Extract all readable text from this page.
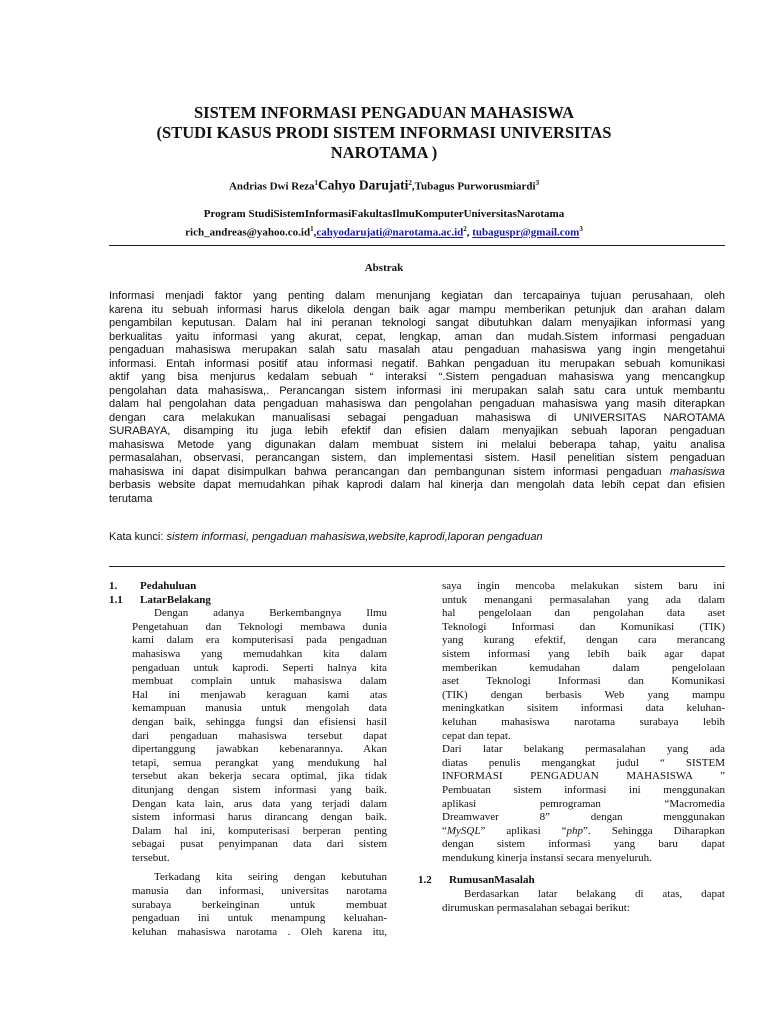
SISTEM INFORMASI PENGADUAN MAHASISWA
(STUDI KASUS PRODI SISTEM INFORMASI UNIVERSITAS
NAROTAMA )
Andrias Dwi Reza$^1$Cahyo Darujati$^2$,Tubagus Purworusmiardi$^3$
Program StudiSistemInformasiFakultasIlmuKomputerUniversitasNarotama
$rich\_andreas@yahoo.co.id^1,cahyodarujati@narotama.ac.id^2$, tubaguspr@gmail.com$^3$
Abstrak
Informasi menjadi faktor yang penting dalam menunjang kegiatan dan tercapainya tujuan perusahaan, oleh
karena itu sebuah informasi harus dikelola dengan baik agar mampu memberikan petunjuk dan arahan dalam
pengambilan keputusan. Dalam hal ini peranan teknologi sangat dibutuhkan dalam menyajikan informasi yang
berkualitas yaitu informasi yang akurat, cepat, lengkap, aman dan mudah.Sistem informasi pengaduan
pengaduan mahasiswa merupakan salah satu masalah atau pengaduan mahasiswa yang ingin mengetahui
informasi. Entah informasi positif atau informasi negatif. Bahkan pengaduan itu merupakan sebuah komunikasi
aktif yang bisa menjurus kedalam sebuah “ interaksi “.Sistem pengaduan mahasiswa yang mencangkup
pengolahan data mahasiswa,. Perancangan sistem informasi ini merupakan salah satu cara untuk membantu
dalam hal pengolahan data pengaduan mahasiswa dan pengolahan pengaduan mahasiswa yang masih diterapkan
dengan cara melakukan manualisasi sebagai pengaduan mahasiswa di UNIVERSITAS NAROTAMA
SURABAYA, disamping itu juga lebih efektif dan efisien dalam menyajikan sebuah laporan pengaduan
mahasiswa Metode yang digunakan dalam membuat sistem ini melalui beberapa tahap, yaitu analisa
permasalahan, observasi, perancangan sistem, dan implementasi sistem. Hasil penelitian sistem pengaduan
mahasiswa ini dapat disimpulkan bahwa perancangan dan pembangunan sistem informasi pengaduan mahasiswa
berbasis website dapat memudahkan pihak kaprodi dalam hal kinerja dan mengolah data lebih cepat dan efisien
terutama
Kata kunci: sistem informasi, pengaduan mahasiswa,website,kaprodi,laporan pengaduan
1. Pedahuluan
1.1 LatarBelakang
Dengan adanya Berkembangnya Ilmu
Pengetahuan dan Teknologi membawa dunia
kami dalam era komputerisasi pada pengaduan
mahasiswa yang memudahkan kita dalam
pengaduan untuk kaprodi. Seperti halnya kita
membuat complain untuk mahasiswa dalam
Hal ini menjawab keraguan kami atas
kemampuan manusia untuk mengolah data
dengan baik, sehingga fungsi dan efisiensi hasil
dari pengaduan mahasiswa tersebut dapat
dipertanggung jawabkan kebenarannya. Akan
tetapi, semua perangkat yang mendukung hal
tersebut akan bekerja secara optimal, jika tidak
ditunjang dengan sistem informasi yang baik.
Dengan kata lain, arus data yang terjadi dalam
sistem informasi harus dirancang dengan baik.
Dalam hal ini, komputerisasi berperan penting
sebagai pusat penyimpanan data dari sistem
tersebut.
Terkadang kita seiring dengan kebutuhan
manusia dan informasi, universitas narotama
surabaya berkeinginan untuk membuat
pengaduan ini untuk menampung keluahan-
keluhan mahasiswa narotama . Oleh karena itu,
saya ingin mencoba melakukan sistem baru ini
untuk menangani permasalahan yang ada dalam
hal pengelolaan dan pengolahan data aset
Teknologi Informasi dan Komunikasi (TIK)
yang kurang efektif, dengan cara merancang
sistem informasi yang lebih baik agar dapat
memberikan kemudahan dalam pengelolaan
aset Teknologi Informasi dan Komunikasi
(TIK) dengan berbasis Web yang mampu
meningkatkan sisitem informasi data keluhan-
keluhan mahasiswa narotama surabaya lebih
cepat dan tepat.
Dari latar belakang permasalahan yang ada
diatas penulis mengangkat judul “ SISTEM
INFORMASI PENGADUAN MAHASISWA ”
Pembuatan sistem informasi ini menggunakan
aplikasi pemrograman “Macromedia
Dreamwaver 8” dengan menggunakan
“MySQL” aplikasi “php”. Sehingga Diharapkan
dengan sistem informasi yang baru dapat
mendukung kinerja instansi secara menyeluruh.
1.2 RumusanMasalah
Berdasarkan latar belakang di atas, dapat
dirumuskan permasalahan sebagai berikut:
